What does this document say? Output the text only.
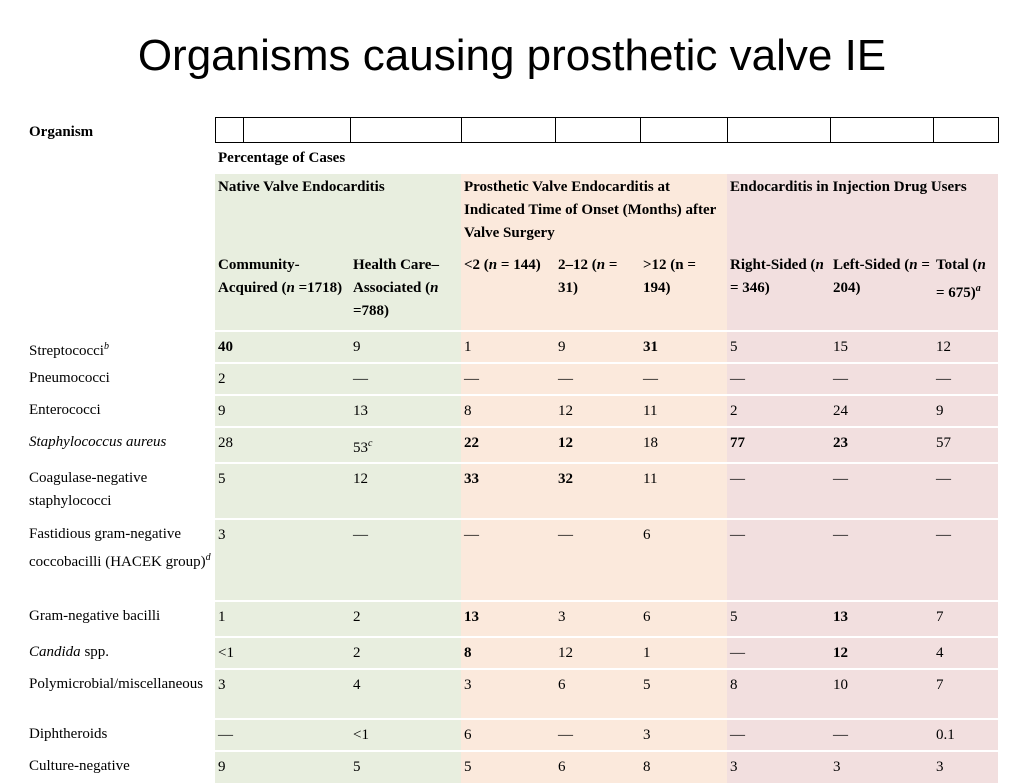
Organisms causing prosthetic valve IE
Organism									
	Percentage of Cases								
	Native Valve Endocarditis			Prosthetic Valve Endocarditis at Indicated Time of Onset (Months) after Valve Surgery			Endocarditis in Injection Drug Users		
	Community-Acquired (n =1718)		Health Care–Associated (n =788)	<2 (n = 144)	2–12 (n = 31)	>12 (n = 194)	Right-Sided (n = 346)	Left-Sided (n = 204)	Total (n = 675)$^a$
Streptococci$^b$	40		9	1	9	31	5	15	12
Pneumococci	2		—	—	—	—	—	—	—
Enterococci	9		13	8	12	11	2	24	9
Staphylococcus aureus	28		53$^c$	22	12	18	77	23	57
Coagulase-negative staphylococci	5		12	33	32	11	—	—	—
Fastidious gram-negative coccobacilli (HACEK group)$^d$	3		—	—	—	6	—	—	—
Gram-negative bacilli	1		2	13	3	6	5	13	7
Candida spp.	<1		2	8	12	1	—	12	4
Polymicrobial/miscellaneous	3		4	3	6	5	8	10	7
Diphtheroids	—		<1	6	—	3	—	—	0.1
Culture-negative	9		5	5	6	8	3	3	3
